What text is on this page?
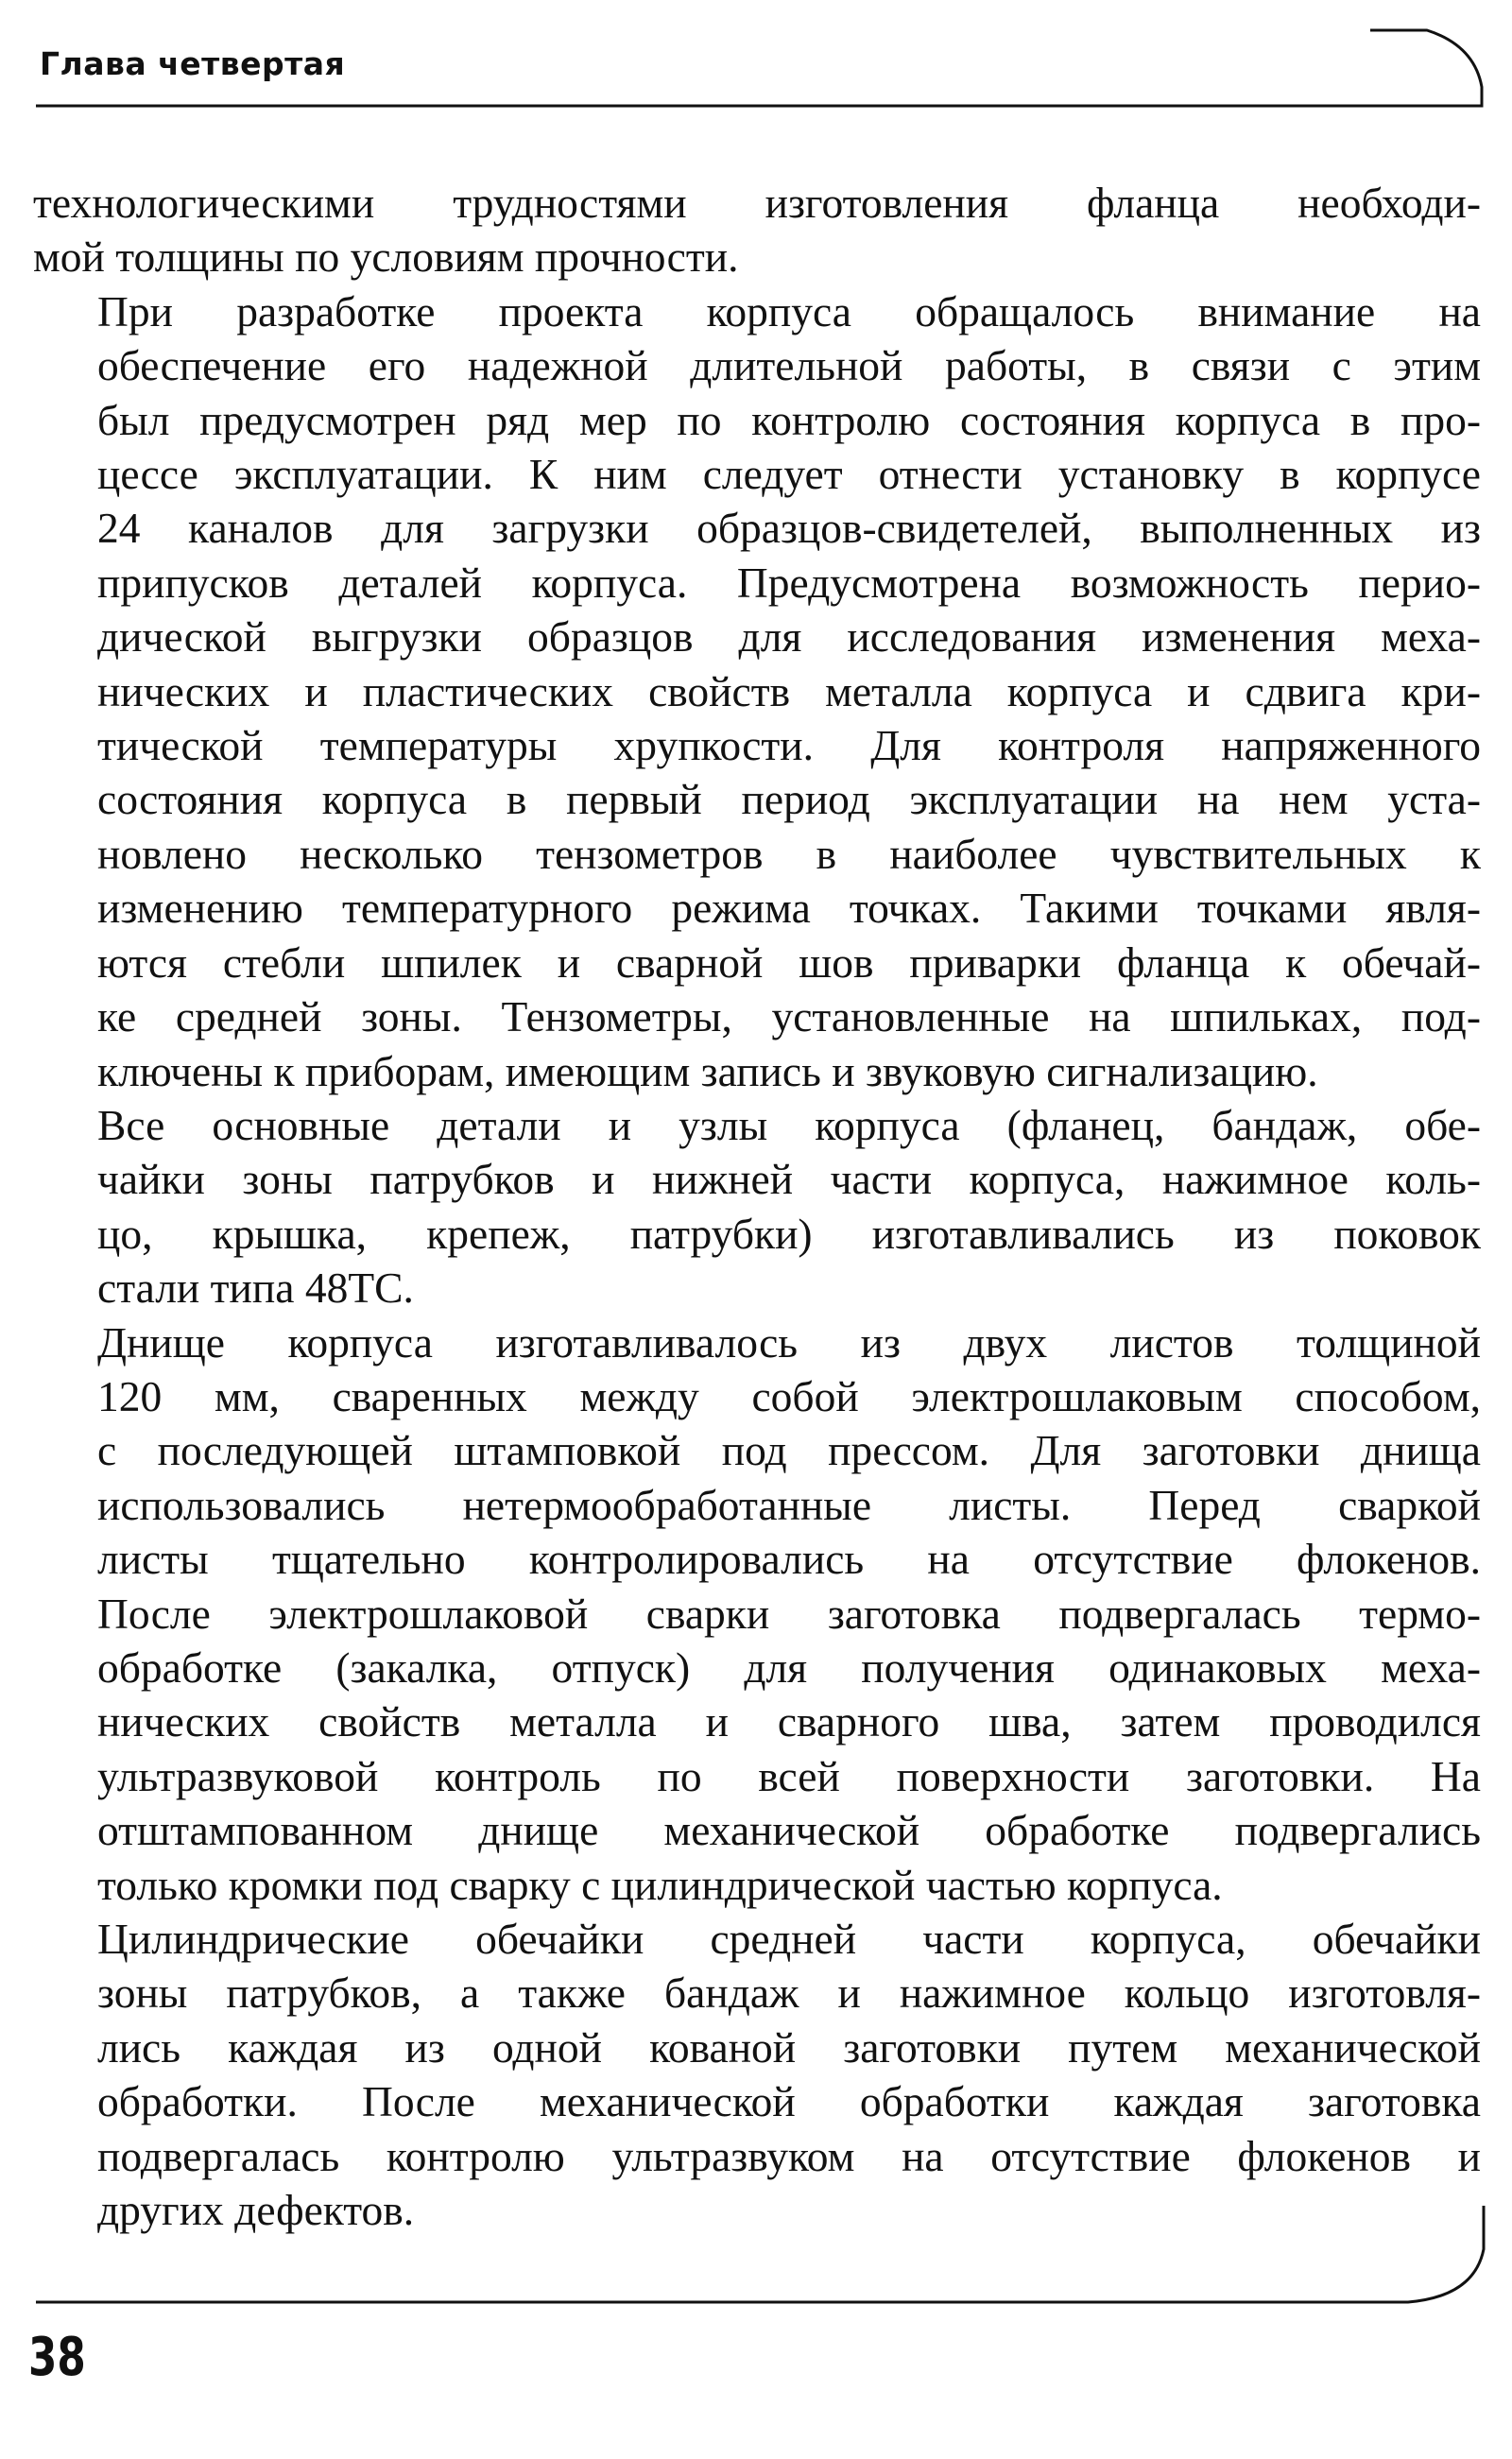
Глава четвертая

технологическими трудностями изготовления фланца необходи-
мой толщины по условиям прочности.

При разработке проекта корпуса обращалось внимание на
обеспечение его надежной длительной работы, в связи с этим
был предусмотрен ряд мер по контролю состояния корпуса в про-
цессе эксплуатации. К ним следует отнести установку в корпусе
24 каналов для загрузки образцов-свидетелей, выполненных из
припусков деталей корпуса. Предусмотрена возможность перио-
дической выгрузки образцов для исследования изменения меха-
нических и пластических свойств металла корпуса и сдвига кри-
тической температуры хрупкости. Для контроля напряженного
состояния корпуса в первый период эксплуатации на нем уста-
новлено несколько тензометров в наиболее чувствительных к
изменению температурного режима точках. Такими точками явля-
ются стебли шпилек и сварной шов приварки фланца к обечай-
ке средней зоны. Тензометры, установленные на шпильках, под-
ключены к приборам, имеющим запись и звуковую сигнализацию.

Все основные детали и узлы корпуса (фланец, бандаж, обе-
чайки зоны патрубков и нижней части корпуса, нажимное коль-
цо, крышка, крепеж, патрубки) изготавливались из поковок
стали типа 48ТС.

Днище корпуса изготавливалось из двух листов толщиной
120 мм, сваренных между собой электрошлаковым способом,
с последующей штамповкой под прессом. Для заготовки днища
использовались нетермообработанные листы. Перед сваркой
листы тщательно контролировались на отсутствие флокенов.
После электрошлаковой сварки заготовка подвергалась термо-
обработке (закалка, отпуск) для получения одинаковых меха-
нических свойств металла и сварного шва, затем проводился
ультразвуковой контроль по всей поверхности заготовки. На
отштампованном днище механической обработке подвергались
только кромки под сварку с цилиндрической частью корпуса.

Цилиндрические обечайки средней части корпуса, обечайки
зоны патрубков, а также бандаж и нажимное кольцо изготовля-
лись каждая из одной кованой заготовки путем механической
обработки. После механической обработки каждая заготовка
подвергалась контролю ультразвуком на отсутствие флокенов и
других дефектов.

38
